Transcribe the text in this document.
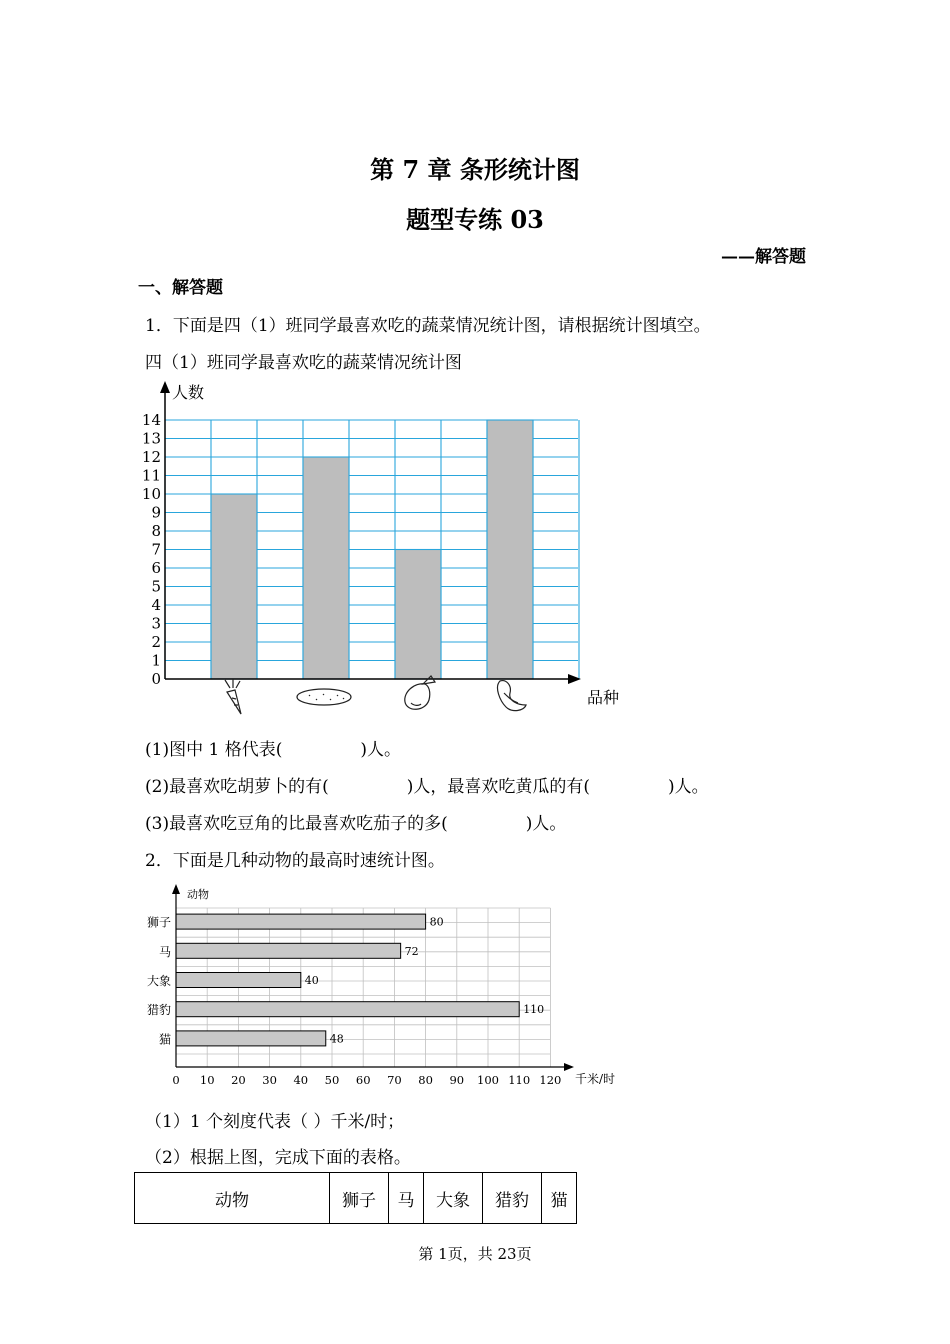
第 7 章 条形统计图
题型专练 03
——解答题
一、解答题
1．下面是四（1）班同学最喜欢吃的蔬菜情况统计图，请根据统计图填空。
四（1）班同学最喜欢吃的蔬菜情况统计图
0
1
2
3
4
5
6
7
8
9
10
11
12
13
14
人数
品种
(1)图中 1 格代表(	)人。
(2)最喜欢吃胡萝卜的有(	)人，最喜欢吃黄瓜的有(	)人。
(3)最喜欢吃豆角的比最喜欢吃茄子的多(	)人。
2．下面是几种动物的最高时速统计图。
80
72
40
110
48
狮子
马
大象
猎豹
猫
0 10 20 30 40 50 60 70 80 90 100 110 120
动物
千米/时
（1）1 个刻度代表（ ）千米/时；
（2）根据上图，完成下面的表格。
动物	狮子	马	大象	猎豹	猫
第 1页，共 23页
